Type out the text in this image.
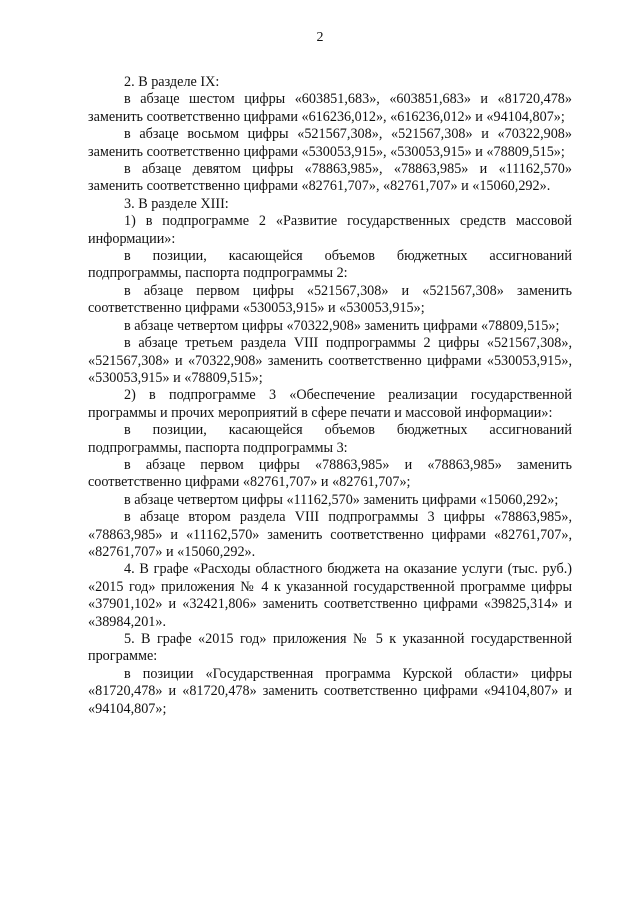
2

2. В разделе IX:

в абзаце шестом цифры «603851,683», «603851,683» и «81720,478» заменить соответственно цифрами «616236,012», «616236,012» и «94104,807»;

в абзаце восьмом цифры «521567,308», «521567,308» и «70322,908» заменить соответственно цифрами «530053,915», «530053,915» и «78809,515»;

в абзаце девятом цифры «78863,985», «78863,985» и «11162,570» заменить соответственно цифрами «82761,707», «82761,707» и «15060,292».

3. В разделе XIII:

1) в подпрограмме 2 «Развитие государственных средств массовой информации»:

в позиции, касающейся объемов бюджетных ассигнований подпрограммы, паспорта подпрограммы 2:

в абзаце первом цифры «521567,308» и «521567,308» заменить соответственно цифрами «530053,915» и «530053,915»;

в абзаце четвертом цифры «70322,908» заменить цифрами «78809,515»;

в абзаце третьем раздела VIII подпрограммы 2 цифры «521567,308», «521567,308» и «70322,908» заменить соответственно цифрами «530053,915», «530053,915» и «78809,515»;

2) в подпрограмме 3 «Обеспечение реализации государственной программы и прочих мероприятий в сфере печати и массовой информации»:

в позиции, касающейся объемов бюджетных ассигнований подпрограммы, паспорта подпрограммы 3:

в абзаце первом цифры «78863,985» и «78863,985» заменить соответственно цифрами «82761,707» и «82761,707»;

в абзаце четвертом цифры «11162,570» заменить цифрами «15060,292»;

в абзаце втором раздела VIII подпрограммы 3 цифры «78863,985», «78863,985» и «11162,570» заменить соответственно цифрами «82761,707», «82761,707» и «15060,292».

4. В графе «Расходы областного бюджета на оказание услуги (тыс. руб.) «2015 год» приложения № 4 к указанной государственной программе цифры «37901,102» и «32421,806» заменить соответственно цифрами «39825,314» и «38984,201».

5. В графе «2015 год» приложения № 5 к указанной государственной программе:

в позиции «Государственная программа Курской области» цифры «81720,478» и «81720,478» заменить соответственно цифрами «94104,807» и «94104,807»;
